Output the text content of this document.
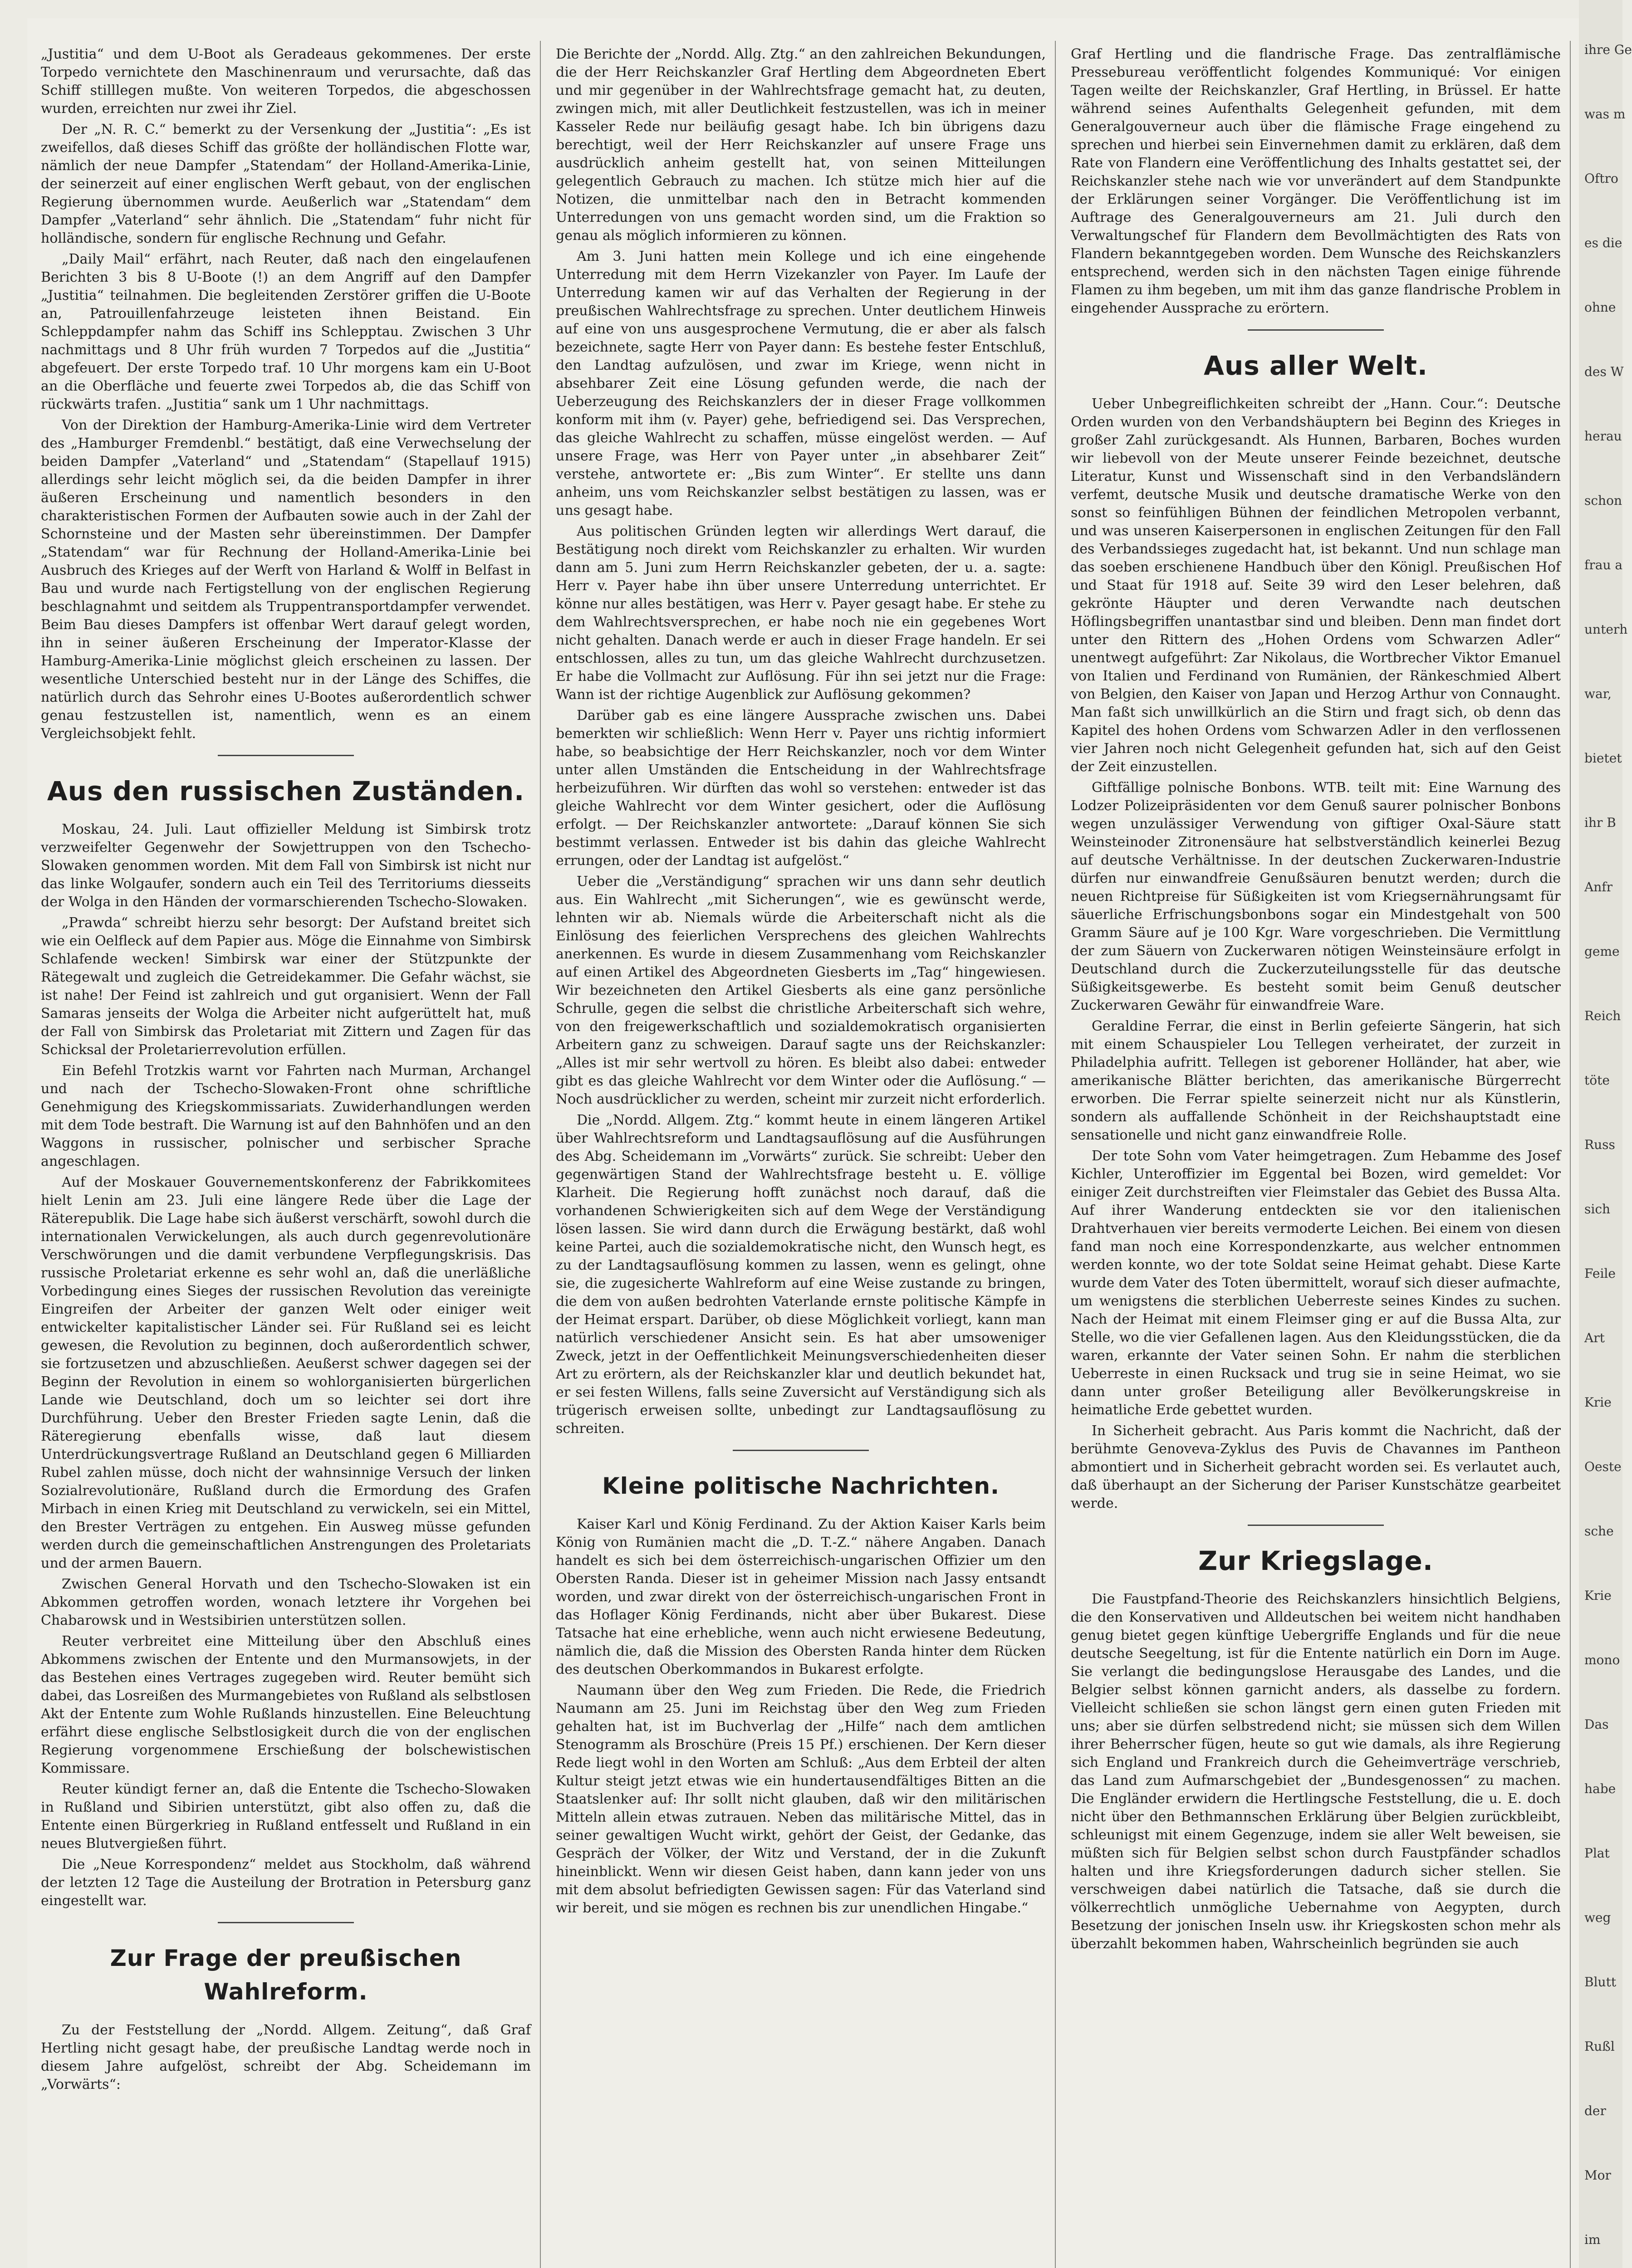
„Justitia“ und dem U-Boot als Geradeaus gekommenes. Der erste Torpedo vernichtete den Maschinenraum und verursachte, daß das Schiff stilllegen mußte. Von weiteren Torpedos, die abgeschossen wurden, erreichten nur zwei ihr Ziel.

Der „N. R. C.“ bemerkt zu der Versenkung der „Justitia“: „Es ist zweifellos, daß dieses Schiff das größte der holländischen Flotte war, nämlich der neue Dampfer „Statendam“ der Holland-Amerika-Linie, der seinerzeit auf einer englischen Werft gebaut, von der englischen Regierung übernommen wurde. Aeußerlich war „Statendam“ dem Dampfer „Vaterland“ sehr ähnlich. Die „Statendam“ fuhr nicht für holländische, sondern für englische Rechnung und Gefahr.

„Daily Mail“ erfährt, nach Reuter, daß nach den eingelaufenen Berichten 3 bis 8 U-Boote (!) an dem Angriff auf den Dampfer „Justitia“ teilnahmen. Die begleitenden Zerstörer griffen die U-Boote an, Patrouillenfahrzeuge leisteten ihnen Beistand. Ein Schleppdampfer nahm das Schiff ins Schlepptau. Zwischen 3 Uhr nachmittags und 8 Uhr früh wurden 7 Torpedos auf die „Justitia“ abgefeuert. Der erste Torpedo traf. 10 Uhr morgens kam ein U-Boot an die Oberfläche und feuerte zwei Torpedos ab, die das Schiff von rückwärts trafen. „Justitia“ sank um 1 Uhr nachmittags.

Von der Direktion der Hamburg-Amerika-Linie wird dem Vertreter des „Hamburger Fremdenbl.“ bestätigt, daß eine Verwechselung der beiden Dampfer „Vaterland“ und „Statendam“ (Stapellauf 1915) allerdings sehr leicht möglich sei, da die beiden Dampfer in ihrer äußeren Erscheinung und namentlich besonders in den charakteristischen Formen der Aufbauten sowie auch in der Zahl der Schornsteine und der Masten sehr übereinstimmen. Der Dampfer „Statendam“ war für Rechnung der Holland-Amerika-Linie bei Ausbruch des Krieges auf der Werft von Harland & Wolff in Belfast in Bau und wurde nach Fertigstellung von der englischen Regierung beschlagnahmt und seitdem als Truppentransportdampfer verwendet. Beim Bau dieses Dampfers ist offenbar Wert darauf gelegt worden, ihn in seiner äußeren Erscheinung der Imperator-Klasse der Hamburg-Amerika-Linie möglichst gleich erscheinen zu lassen. Der wesentliche Unterschied besteht nur in der Länge des Schiffes, die natürlich durch das Sehrohr eines U-Bootes außerordentlich schwer genau festzustellen ist, namentlich, wenn es an einem Vergleichsobjekt fehlt.

Aus den russischen Zuständen.

Moskau, 24. Juli. Laut offizieller Meldung ist Simbirsk trotz verzweifelter Gegenwehr der Sowjettruppen von den Tschecho-Slowaken genommen worden. Mit dem Fall von Simbirsk ist nicht nur das linke Wolgaufer, sondern auch ein Teil des Territoriums diesseits der Wolga in den Händen der vormarschierenden Tschecho-Slowaken.

„Prawda“ schreibt hierzu sehr besorgt: Der Aufstand breitet sich wie ein Oelfleck auf dem Papier aus. Möge die Einnahme von Simbirsk Schlafende wecken! Simbirsk war einer der Stützpunkte der Rätegewalt und zugleich die Getreidekammer. Die Gefahr wächst, sie ist nahe! Der Feind ist zahlreich und gut organisiert. Wenn der Fall Samaras jenseits der Wolga die Arbeiter nicht aufgerüttelt hat, muß der Fall von Simbirsk das Proletariat mit Zittern und Zagen für das Schicksal der Proletarierrevolution erfüllen.

Ein Befehl Trotzkis warnt vor Fahrten nach Murman, Archangel und nach der Tschecho-Slowaken-Front ohne schriftliche Genehmigung des Kriegskommissariats. Zuwiderhandlungen werden mit dem Tode bestraft. Die Warnung ist auf den Bahnhöfen und an den Waggons in russischer, polnischer und serbischer Sprache angeschlagen.

Auf der Moskauer Gouvernementskonferenz der Fabrikkomitees hielt Lenin am 23. Juli eine längere Rede über die Lage der Räterepublik. Die Lage habe sich äußerst verschärft, sowohl durch die internationalen Verwickelungen, als auch durch gegenrevolutionäre Verschwörungen und die damit verbundene Verpflegungskrisis. Das russische Proletariat erkenne es sehr wohl an, daß die unerläßliche Vorbedingung eines Sieges der russischen Revolution das vereinigte Eingreifen der Arbeiter der ganzen Welt oder einiger weit entwickelter kapitalistischer Länder sei. Für Rußland sei es leicht gewesen, die Revolution zu beginnen, doch außerordentlich schwer, sie fortzusetzen und abzuschließen. Aeußerst schwer dagegen sei der Beginn der Revolution in einem so wohlorganisierten bürgerlichen Lande wie Deutschland, doch um so leichter sei dort ihre Durchführung. Ueber den Brester Frieden sagte Lenin, daß die Räteregierung ebenfalls wisse, daß laut diesem Unterdrückungsvertrage Rußland an Deutschland gegen 6 Milliarden Rubel zahlen müsse, doch nicht der wahnsinnige Versuch der linken Sozialrevolutionäre, Rußland durch die Ermordung des Grafen Mirbach in einen Krieg mit Deutschland zu verwickeln, sei ein Mittel, den Brester Verträgen zu entgehen. Ein Ausweg müsse gefunden werden durch die gemeinschaftlichen Anstrengungen des Proletariats und der armen Bauern.

Zwischen General Horvath und den Tschecho-Slowaken ist ein Abkommen getroffen worden, wonach letztere ihr Vorgehen bei Chabarowsk und in Westsibirien unterstützen sollen.

Reuter verbreitet eine Mitteilung über den Abschluß eines Abkommens zwischen der Entente und den Murmansowjets, in der das Bestehen eines Vertrages zugegeben wird. Reuter bemüht sich dabei, das Losreißen des Murmangebietes von Rußland als selbstlosen Akt der Entente zum Wohle Rußlands hinzustellen. Eine Beleuchtung erfährt diese englische Selbstlosigkeit durch die von der englischen Regierung vorgenommene Erschießung der bolschewistischen Kommissare.

Reuter kündigt ferner an, daß die Entente die Tschecho-Slowaken in Rußland und Sibirien unterstützt, gibt also offen zu, daß die Entente einen Bürgerkrieg in Rußland entfesselt und Rußland in ein neues Blutvergießen führt.

Die „Neue Korrespondenz“ meldet aus Stockholm, daß während der letzten 12 Tage die Austeilung der Brotration in Petersburg ganz eingestellt war.

Zur Frage der preußischen Wahlreform.

Zu der Feststellung der „Nordd. Allgem. Zeitung“, daß Graf Hertling nicht gesagt habe, der preußische Landtag werde noch in diesem Jahre aufgelöst, schreibt der Abg. Scheidemann im „Vorwärts“:

Die Berichte der „Nordd. Allg. Ztg.“ an den zahlreichen Bekundungen, die der Herr Reichskanzler Graf Hertling dem Abgeordneten Ebert und mir gegenüber in der Wahlrechtsfrage gemacht hat, zu deuten, zwingen mich, mit aller Deutlichkeit festzustellen, was ich in meiner Kasseler Rede nur beiläufig gesagt habe. Ich bin übrigens dazu berechtigt, weil der Herr Reichskanzler auf unsere Frage uns ausdrücklich anheim gestellt hat, von seinen Mitteilungen gelegentlich Gebrauch zu machen. Ich stütze mich hier auf die Notizen, die unmittelbar nach den in Betracht kommenden Unterredungen von uns gemacht worden sind, um die Fraktion so genau als möglich informieren zu können.

Am 3. Juni hatten mein Kollege und ich eine eingehende Unterredung mit dem Herrn Vizekanzler von Payer. Im Laufe der Unterredung kamen wir auf das Verhalten der Regierung in der preußischen Wahlrechtsfrage zu sprechen. Unter deutlichem Hinweis auf eine von uns ausgesprochene Vermutung, die er aber als falsch bezeichnete, sagte Herr von Payer dann: Es bestehe fester Entschluß, den Landtag aufzulösen, und zwar im Kriege, wenn nicht in absehbarer Zeit eine Lösung gefunden werde, die nach der Ueberzeugung des Reichskanzlers der in dieser Frage vollkommen konform mit ihm (v. Payer) gehe, befriedigend sei. Das Versprechen, das gleiche Wahlrecht zu schaffen, müsse eingelöst werden. — Auf unsere Frage, was Herr von Payer unter „in absehbarer Zeit“ verstehe, antwortete er: „Bis zum Winter“. Er stellte uns dann anheim, uns vom Reichskanzler selbst bestätigen zu lassen, was er uns gesagt habe.

Aus politischen Gründen legten wir allerdings Wert darauf, die Bestätigung noch direkt vom Reichskanzler zu erhalten. Wir wurden dann am 5. Juni zum Herrn Reichskanzler gebeten, der u. a. sagte: Herr v. Payer habe ihn über unsere Unterredung unterrichtet. Er könne nur alles bestätigen, was Herr v. Payer gesagt habe. Er stehe zu dem Wahlrechtsversprechen, er habe noch nie ein gegebenes Wort nicht gehalten. Danach werde er auch in dieser Frage handeln. Er sei entschlossen, alles zu tun, um das gleiche Wahlrecht durchzusetzen. Er habe die Vollmacht zur Auflösung. Für ihn sei jetzt nur die Frage: Wann ist der richtige Augenblick zur Auflösung gekommen?

Darüber gab es eine längere Aussprache zwischen uns. Dabei bemerkten wir schließlich: Wenn Herr v. Payer uns richtig informiert habe, so beabsichtige der Herr Reichskanzler, noch vor dem Winter unter allen Umständen die Entscheidung in der Wahlrechtsfrage herbeizuführen. Wir dürften das wohl so verstehen: entweder ist das gleiche Wahlrecht vor dem Winter gesichert, oder die Auflösung erfolgt. — Der Reichskanzler antwortete: „Darauf können Sie sich bestimmt verlassen. Entweder ist bis dahin das gleiche Wahlrecht errungen, oder der Landtag ist aufgelöst.“

Ueber die „Verständigung“ sprachen wir uns dann sehr deutlich aus. Ein Wahlrecht „mit Sicherungen“, wie es gewünscht werde, lehnten wir ab. Niemals würde die Arbeiterschaft nicht als die Einlösung des feierlichen Versprechens des gleichen Wahlrechts anerkennen. Es wurde in diesem Zusammenhang vom Reichskanzler auf einen Artikel des Abgeordneten Giesberts im „Tag“ hingewiesen. Wir bezeichneten den Artikel Giesberts als eine ganz persönliche Schrulle, gegen die selbst die christliche Arbeiterschaft sich wehre, von den freigewerkschaftlich und sozialdemokratisch organisierten Arbeitern ganz zu schweigen. Darauf sagte uns der Reichskanzler: „Alles ist mir sehr wertvoll zu hören. Es bleibt also dabei: entweder gibt es das gleiche Wahlrecht vor dem Winter oder die Auflösung.“ — Noch ausdrücklicher zu werden, scheint mir zurzeit nicht erforderlich.

Die „Nordd. Allgem. Ztg.“ kommt heute in einem längeren Artikel über Wahlrechtsreform und Landtagsauflösung auf die Ausführungen des Abg. Scheidemann im „Vorwärts“ zurück. Sie schreibt: Ueber den gegenwärtigen Stand der Wahlrechtsfrage besteht u. E. völlige Klarheit. Die Regierung hofft zunächst noch darauf, daß die vorhandenen Schwierigkeiten sich auf dem Wege der Verständigung lösen lassen. Sie wird dann durch die Erwägung bestärkt, daß wohl keine Partei, auch die sozialdemokratische nicht, den Wunsch hegt, es zu der Landtagsauflösung kommen zu lassen, wenn es gelingt, ohne sie, die zugesicherte Wahlreform auf eine Weise zustande zu bringen, die dem von außen bedrohten Vaterlande ernste politische Kämpfe in der Heimat erspart. Darüber, ob diese Möglichkeit vorliegt, kann man natürlich verschiedener Ansicht sein. Es hat aber umsoweniger Zweck, jetzt in der Oeffentlichkeit Meinungsverschiedenheiten dieser Art zu erörtern, als der Reichskanzler klar und deutlich bekundet hat, er sei festen Willens, falls seine Zuversicht auf Verständigung sich als trügerisch erweisen sollte, unbedingt zur Landtagsauflösung zu schreiten.

Kleine politische Nachrichten.

Kaiser Karl und König Ferdinand. Zu der Aktion Kaiser Karls beim König von Rumänien macht die „D. T.-Z.“ nähere Angaben. Danach handelt es sich bei dem österreichisch-ungarischen Offizier um den Obersten Randa. Dieser ist in geheimer Mission nach Jassy entsandt worden, und zwar direkt von der österreichisch-ungarischen Front in das Hoflager König Ferdinands, nicht aber über Bukarest. Diese Tatsache hat eine erhebliche, wenn auch nicht erwiesene Bedeutung, nämlich die, daß die Mission des Obersten Randa hinter dem Rücken des deutschen Oberkommandos in Bukarest erfolgte.

Naumann über den Weg zum Frieden. Die Rede, die Friedrich Naumann am 25. Juni im Reichstag über den Weg zum Frieden gehalten hat, ist im Buchverlag der „Hilfe“ nach dem amtlichen Stenogramm als Broschüre (Preis 15 Pf.) erschienen. Der Kern dieser Rede liegt wohl in den Worten am Schluß: „Aus dem Erbteil der alten Kultur steigt jetzt etwas wie ein hundertausendfältiges Bitten an die Staatslenker auf: Ihr sollt nicht glauben, daß wir den militärischen Mitteln allein etwas zutrauen. Neben das militärische Mittel, das in seiner gewaltigen Wucht wirkt, gehört der Geist, der Gedanke, das Gespräch der Völker, der Witz und Verstand, der in die Zukunft hineinblickt. Wenn wir diesen Geist haben, dann kann jeder von uns mit dem absolut befriedigten Gewissen sagen: Für das Vaterland sind wir bereit, und sie mögen es rechnen bis zur unendlichen Hingabe.“

Graf Hertling und die flandrische Frage. Das zentralflämische Pressebureau veröffentlicht folgendes Kommuniqué: Vor einigen Tagen weilte der Reichskanzler, Graf Hertling, in Brüssel. Er hatte während seines Aufenthalts Gelegenheit gefunden, mit dem Generalgouverneur auch über die flämische Frage eingehend zu sprechen und hierbei sein Einvernehmen damit zu erklären, daß dem Rate von Flandern eine Veröffentlichung des Inhalts gestattet sei, der Reichskanzler stehe nach wie vor unverändert auf dem Standpunkte der Erklärungen seiner Vorgänger. Die Veröffentlichung ist im Auftrage des Generalgouverneurs am 21. Juli durch den Verwaltungschef für Flandern dem Bevollmächtigten des Rats von Flandern bekanntgegeben worden. Dem Wunsche des Reichskanzlers entsprechend, werden sich in den nächsten Tagen einige führende Flamen zu ihm begeben, um mit ihm das ganze flandrische Problem in eingehender Aussprache zu erörtern.

Aus aller Welt.

Ueber Unbegreiflichkeiten schreibt der „Hann. Cour.“: Deutsche Orden wurden von den Verbandshäuptern bei Beginn des Krieges in großer Zahl zurückgesandt. Als Hunnen, Barbaren, Boches wurden wir liebevoll von der Meute unserer Feinde bezeichnet, deutsche Literatur, Kunst und Wissenschaft sind in den Verbandsländern verfemt, deutsche Musik und deutsche dramatische Werke von den sonst so feinfühligen Bühnen der feindlichen Metropolen verbannt, und was unseren Kaiserpersonen in englischen Zeitungen für den Fall des Verbandssieges zugedacht hat, ist bekannt. Und nun schlage man das soeben erschienene Handbuch über den Königl. Preußischen Hof und Staat für 1918 auf. Seite 39 wird den Leser belehren, daß gekrönte Häupter und deren Verwandte nach deutschen Höflingsbegriffen unantastbar sind und bleiben. Denn man findet dort unter den Rittern des „Hohen Ordens vom Schwarzen Adler“ unentwegt aufgeführt: Zar Nikolaus, die Wortbrecher Viktor Emanuel von Italien und Ferdinand von Rumänien, der Ränkeschmied Albert von Belgien, den Kaiser von Japan und Herzog Arthur von Connaught. Man faßt sich unwillkürlich an die Stirn und fragt sich, ob denn das Kapitel des hohen Ordens vom Schwarzen Adler in den verflossenen vier Jahren noch nicht Gelegenheit gefunden hat, sich auf den Geist der Zeit einzustellen.

Giftfällige polnische Bonbons. WTB. teilt mit: Eine Warnung des Lodzer Polizeipräsidenten vor dem Genuß saurer polnischer Bonbons wegen unzulässiger Verwendung von giftiger Oxal-Säure statt Weinsteinoder Zitronensäure hat selbstverständlich keinerlei Bezug auf deutsche Verhältnisse. In der deutschen Zuckerwaren-Industrie dürfen nur einwandfreie Genußsäuren benutzt werden; durch die neuen Richtpreise für Süßigkeiten ist vom Kriegsernährungsamt für säuerliche Erfrischungsbonbons sogar ein Mindestgehalt von 500 Gramm Säure auf je 100 Kgr. Ware vorgeschrieben. Die Vermittlung der zum Säuern von Zuckerwaren nötigen Weinsteinsäure erfolgt in Deutschland durch die Zuckerzuteilungsstelle für das deutsche Süßigkeitsgewerbe. Es besteht somit beim Genuß deutscher Zuckerwaren Gewähr für einwandfreie Ware.

Geraldine Ferrar, die einst in Berlin gefeierte Sängerin, hat sich mit einem Schauspieler Lou Tellegen verheiratet, der zurzeit in Philadelphia aufritt. Tellegen ist geborener Holländer, hat aber, wie amerikanische Blätter berichten, das amerikanische Bürgerrecht erworben. Die Ferrar spielte seinerzeit nicht nur als Künstlerin, sondern als auffallende Schönheit in der Reichshauptstadt eine sensationelle und nicht ganz einwandfreie Rolle.

Der tote Sohn vom Vater heimgetragen. Zum Hebamme des Josef Kichler, Unteroffizier im Eggental bei Bozen, wird gemeldet: Vor einiger Zeit durchstreiften vier Fleimstaler das Gebiet des Bussa Alta. Auf ihrer Wanderung entdeckten sie vor den italienischen Drahtverhauen vier bereits vermoderte Leichen. Bei einem von diesen fand man noch eine Korrespondenzkarte, aus welcher entnommen werden konnte, wo der tote Soldat seine Heimat gehabt. Diese Karte wurde dem Vater des Toten übermittelt, worauf sich dieser aufmachte, um wenigstens die sterblichen Ueberreste seines Kindes zu suchen. Nach der Heimat mit einem Fleimser ging er auf die Bussa Alta, zur Stelle, wo die vier Gefallenen lagen. Aus den Kleidungsstücken, die da waren, erkannte der Vater seinen Sohn. Er nahm die sterblichen Ueberreste in einen Rucksack und trug sie in seine Heimat, wo sie dann unter großer Beteiligung aller Bevölkerungskreise in heimatliche Erde gebettet wurden.

In Sicherheit gebracht. Aus Paris kommt die Nachricht, daß der berühmte Genoveva-Zyklus des Puvis de Chavannes im Pantheon abmontiert und in Sicherheit gebracht worden sei. Es verlautet auch, daß überhaupt an der Sicherung der Pariser Kunstschätze gearbeitet werde.

Zur Kriegslage.

Die Faustpfand-Theorie des Reichskanzlers hinsichtlich Belgiens, die den Konservativen und Alldeutschen bei weitem nicht handhaben genug bietet gegen künftige Uebergriffe Englands und für die neue deutsche Seegeltung, ist für die Entente natürlich ein Dorn im Auge. Sie verlangt die bedingungslose Herausgabe des Landes, und die Belgier selbst können garnicht anders, als dasselbe zu fordern. Vielleicht schließen sie schon längst gern einen guten Frieden mit uns; aber sie dürfen selbstredend nicht; sie müssen sich dem Willen ihrer Beherrscher fügen, heute so gut wie damals, als ihre Regierung sich England und Frankreich durch die Geheimverträge verschrieb, das Land zum Aufmarschgebiet der „Bundesgenossen“ zu machen. Die Engländer erwidern die Hertlingsche Feststellung, die u. E. doch nicht über den Bethmannschen Erklärung über Belgien zurückbleibt, schleunigst mit einem Gegenzuge, indem sie aller Welt beweisen, sie müßten sich für Belgien selbst schon durch Faustpfänder schadlos halten und ihre Kriegsforderungen dadurch sicher stellen. Sie verschweigen dabei natürlich die Tatsache, daß sie durch die völkerrechtlich unmögliche Uebernahme von Aegypten, durch Besetzung der jonischen Inseln usw. ihr Kriegskosten schon mehr als überzahlt bekommen haben, Wahrscheinlich begründen sie auch

ihre Ge
was m
Oftro
es die
ohne
des W
herau
schon
frau a
unterh
war,
bietet
ihr B
Anfr
geme
Reich
töte
Russ
sich
Feile
Art
Krie
Oeste
sche
Krie
mono
Das
habe
Plat
weg
Blutt
Rußl
der
Mor
im
